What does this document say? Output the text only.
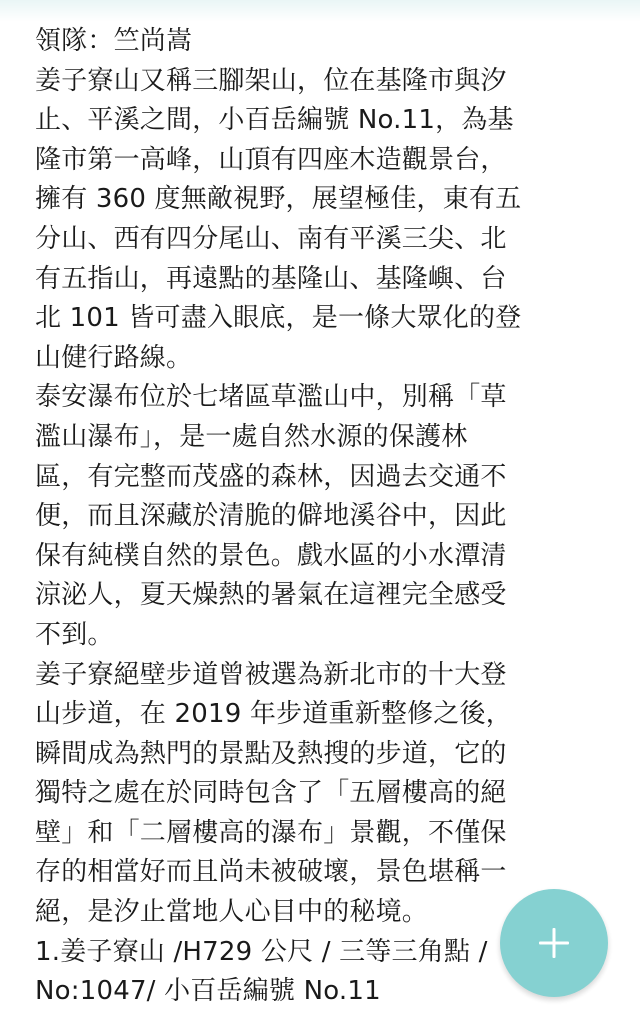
領隊：竺尚嵩
姜子寮山又稱三腳架山，位在基隆市與汐
止、平溪之間，小百岳編號 No.11，為基
隆市第一高峰，山頂有四座木造觀景台，
擁有 360 度無敵視野，展望極佳，東有五
分山、西有四分尾山、南有平溪三尖、北
有五指山，再遠點的基隆山、基隆嶼、台
北 101 皆可盡入眼底，是一條大眾化的登
山健行路線。
泰安瀑布位於七堵區草濫山中，別稱「草
濫山瀑布」，是一處自然水源的保護林
區，有完整而茂盛的森林，因過去交通不
便，而且深藏於清脆的僻地溪谷中，因此
保有純樸自然的景色。戲水區的小水潭清
涼泌人，夏天燥熱的暑氣在這裡完全感受
不到。
姜子寮絕壁步道曾被選為新北市的十大登
山步道，在 2019 年步道重新整修之後，
瞬間成為熱門的景點及熱搜的步道，它的
獨特之處在於同時包含了「五層樓高的絕
壁」和「二層樓高的瀑布」景觀，不僅保
存的相當好而且尚未被破壞，景色堪稱一
絕，是汐止當地人心目中的秘境。
1.姜子寮山 /H729 公尺 / 三等三角點 /
No:1047/ 小百岳編號 No.11
